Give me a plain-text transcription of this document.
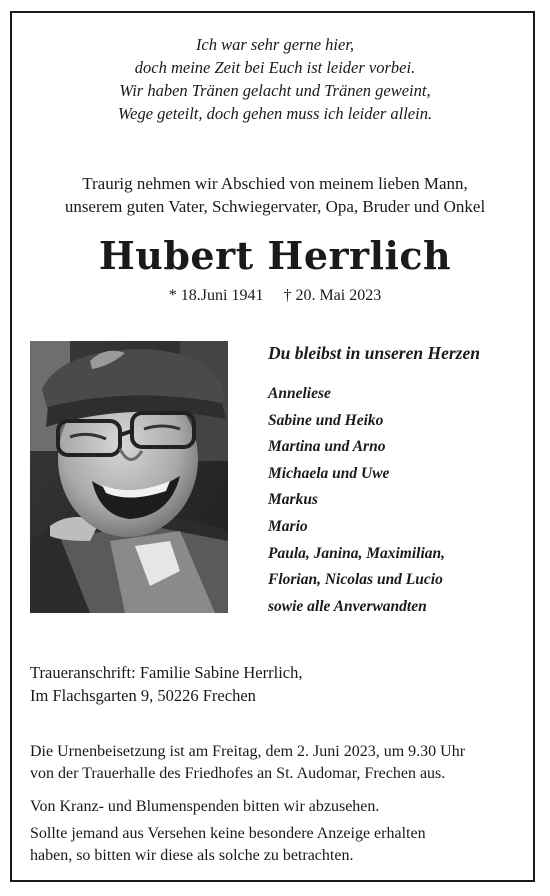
Ich war sehr gerne hier,
doch meine Zeit bei Euch ist leider vorbei.
Wir haben Tränen gelacht und Tränen geweint,
Wege geteilt, doch gehen muss ich leider allein.
Traurig nehmen wir Abschied von meinem lieben Mann,
unserem guten Vater, Schwiegervater, Opa, Bruder und Onkel
Hubert Herrlich
* 18.Juni 1941 † 20. Mai 2023
Du bleibst in unseren Herzen
Anneliese
Sabine und Heiko
Martina und Arno
Michaela und Uwe
Markus
Mario
Paula, Janina, Maximilian,
Florian, Nicolas und Lucio
sowie alle Anverwandten
Traueranschrift: Familie Sabine Herrlich,
Im Flachsgarten 9, 50226 Frechen
Die Urnenbeisetzung ist am Freitag, dem 2. Juni 2023, um 9.30 Uhr
von der Trauerhalle des Friedhofes an St. Audomar, Frechen aus.
Von Kranz- und Blumenspenden bitten wir abzusehen.
Sollte jemand aus Versehen keine besondere Anzeige erhalten
haben, so bitten wir diese als solche zu betrachten.
